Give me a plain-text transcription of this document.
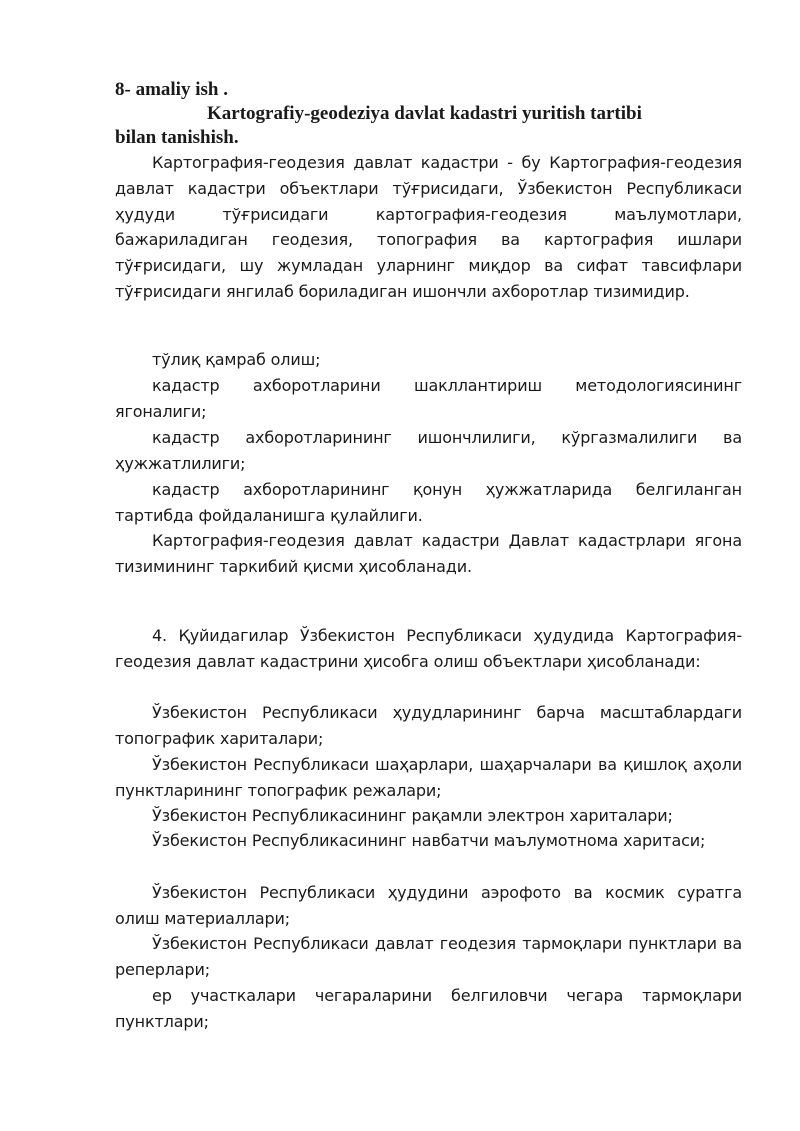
8- amaliy ish .
Kartografiy-geodeziya davlat kadastri yuritish tartibi
bilan tanishish.

Картография-геодезия давлат кадастри - бу Картография-геодезия давлат кадастри объектлари тўғрисидаги, Ўзбекистон Республикаси ҳудуди тўғрисидаги картография-геодезия маълумотлари, бажариладиган геодезия, топография ва картография ишлари тўғрисидаги, шу жумладан уларнинг миқдор ва сифат тавсифлари тўғрисидаги янгилаб бориладиган ишончли ахборотлар тизимидир.

тўлиқ қамраб олиш;

кадастр ахборотларини шакллантириш методологиясининг ягоналиги;

кадастр ахборотларининг ишончлилиги, кўргазмалилиги ва ҳужжатлилиги;

кадастр ахборотларининг қонун ҳужжатларида белгиланган тартибда фойдаланишга қулайлиги.

Картография-геодезия давлат кадастри Давлат кадастрлари ягона тизимининг таркибий қисми ҳисобланади.

4. Қуйидагилар Ўзбекистон Республикаси ҳудудида Картография-геодезия давлат кадастрини ҳисобга олиш объектлари ҳисобланади:

Ўзбекистон Республикаси ҳудудларининг барча масштаблардаги топографик хариталари;

Ўзбекистон Республикаси шаҳарлари, шаҳарчалари ва қишлоқ аҳоли пунктларининг топографик режалари;

Ўзбекистон Республикасининг рақамли электрон хариталари;

Ўзбекистон Республикасининг навбатчи маълумотнома харитаси;

Ўзбекистон Республикаси ҳудудини аэрофото ва космик суратга олиш материаллари;

Ўзбекистон Республикаси давлат геодезия тармоқлари пунктлари ва реперлари;

ер участкалари чегараларини белгиловчи чегара тармоқлари пунктлари;
